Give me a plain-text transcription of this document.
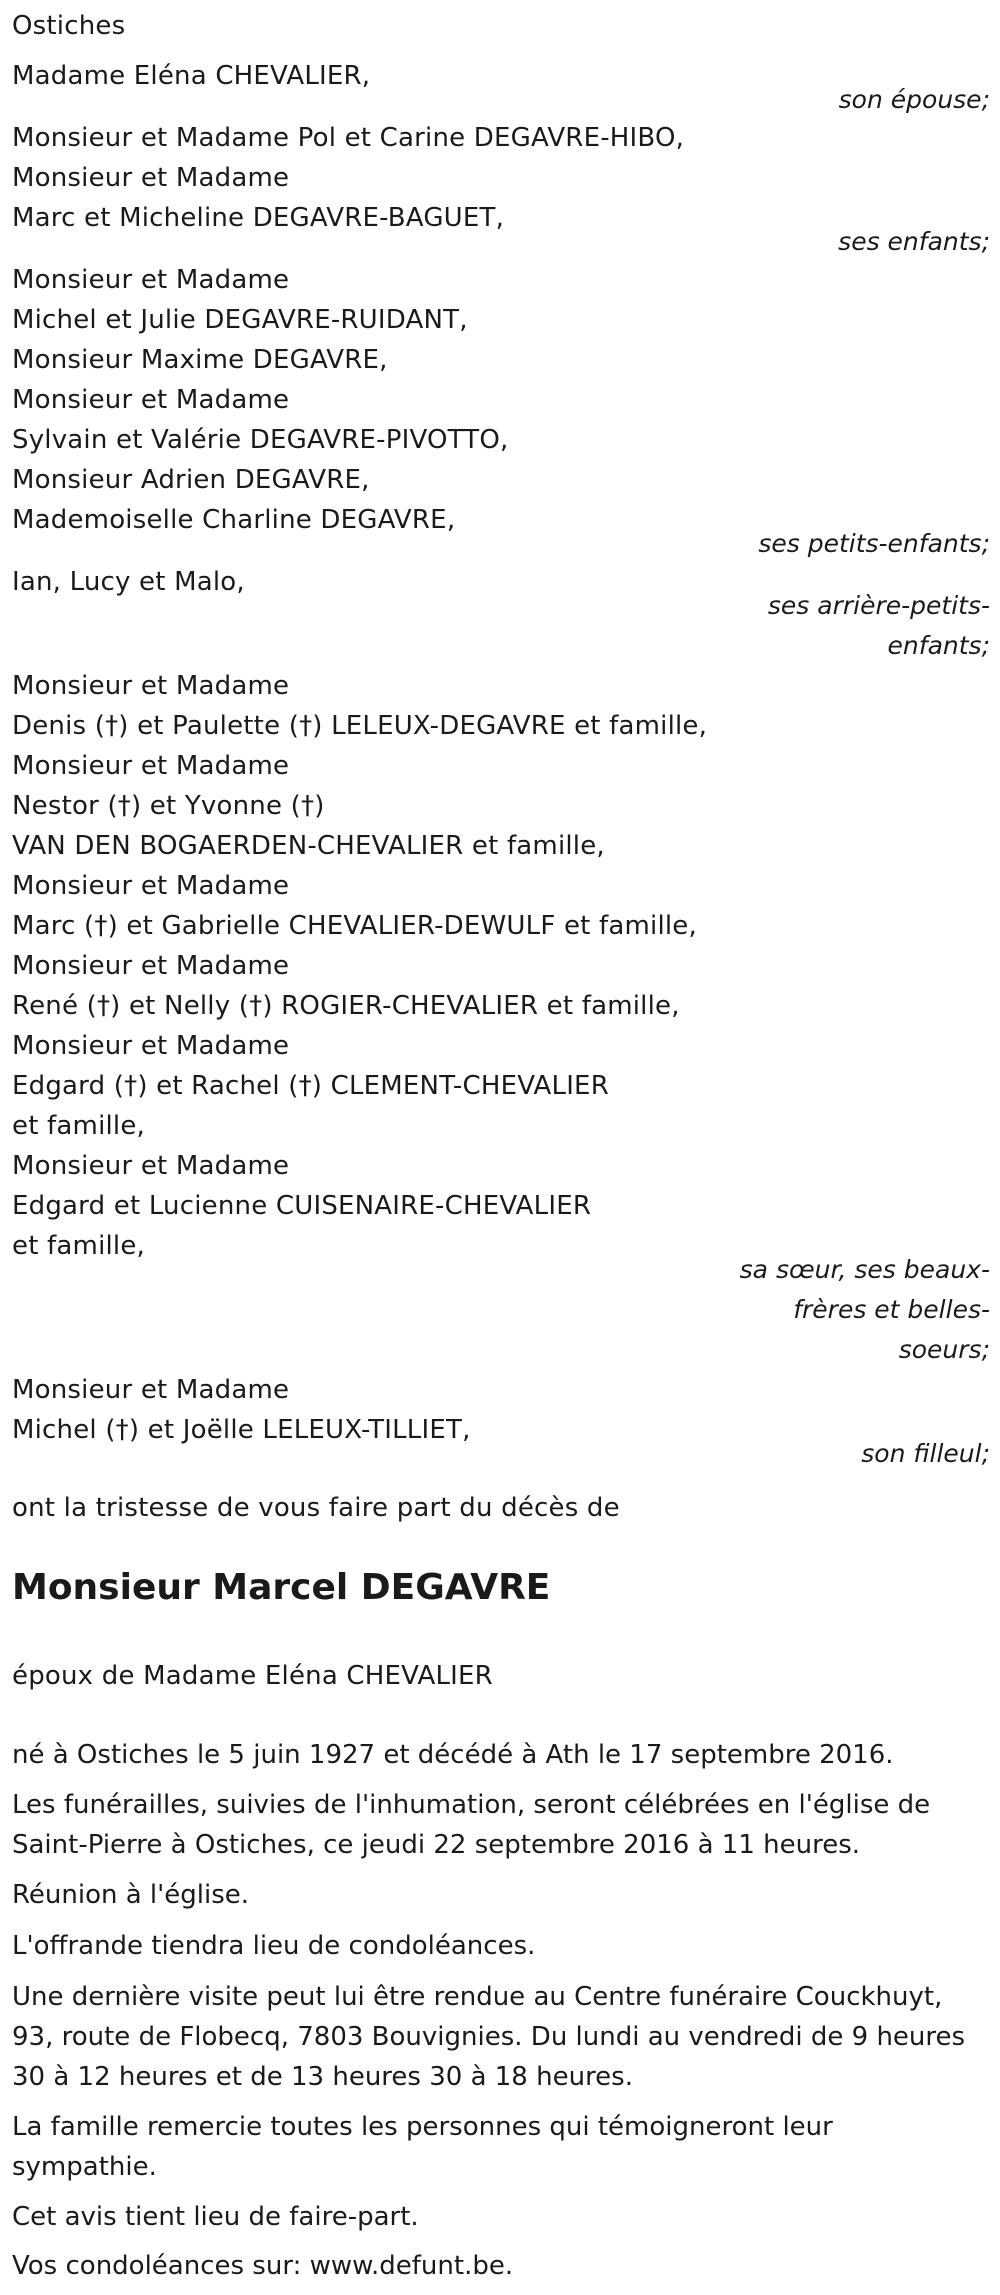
Ostiches
Madame Eléna CHEVALIER,
son épouse;
Monsieur et Madame Pol et Carine DEGAVRE-HIBO,
Monsieur et Madame
Marc et Micheline DEGAVRE-BAGUET,
ses enfants;
Monsieur et Madame
Michel et Julie DEGAVRE-RUIDANT,
Monsieur Maxime DEGAVRE,
Monsieur et Madame
Sylvain et Valérie DEGAVRE-PIVOTTO,
Monsieur Adrien DEGAVRE,
Mademoiselle Charline DEGAVRE,
ses petits-enfants;
Ian, Lucy et Malo,
ses arrière-petits-
enfants;
Monsieur et Madame
Denis (†) et Paulette (†) LELEUX-DEGAVRE et famille,
Monsieur et Madame
Nestor (†) et Yvonne (†)
VAN DEN BOGAERDEN-CHEVALIER et famille,
Monsieur et Madame
Marc (†) et Gabrielle CHEVALIER-DEWULF et famille,
Monsieur et Madame
René (†) et Nelly (†) ROGIER-CHEVALIER et famille,
Monsieur et Madame
Edgard (†) et Rachel (†) CLEMENT-CHEVALIER
et famille,
Monsieur et Madame
Edgard et Lucienne CUISENAIRE-CHEVALIER
et famille,
sa sœur, ses beaux-
frères et belles-
soeurs;
Monsieur et Madame
Michel (†) et Joëlle LELEUX-TILLIET,
son filleul;
ont la tristesse de vous faire part du décès de
Monsieur Marcel DEGAVRE
époux de Madame Eléna CHEVALIER
né à Ostiches le 5 juin 1927 et décédé à Ath le 17 septembre 2016.
Les funérailles, suivies de l'inhumation, seront célébrées en l'église de Saint-Pierre à Ostiches, ce jeudi 22 septembre 2016 à 11 heures.
Réunion à l'église.
L'offrande tiendra lieu de condoléances.
Une dernière visite peut lui être rendue au Centre funéraire Couckhuyt, 93, route de Flobecq, 7803 Bouvignies. Du lundi au vendredi de 9 heures 30 à 12 heures et de 13 heures 30 à 18 heures.
La famille remercie toutes les personnes qui témoigneront leur sympathie.
Cet avis tient lieu de faire-part.
Vos condoléances sur: www.defunt.be.
